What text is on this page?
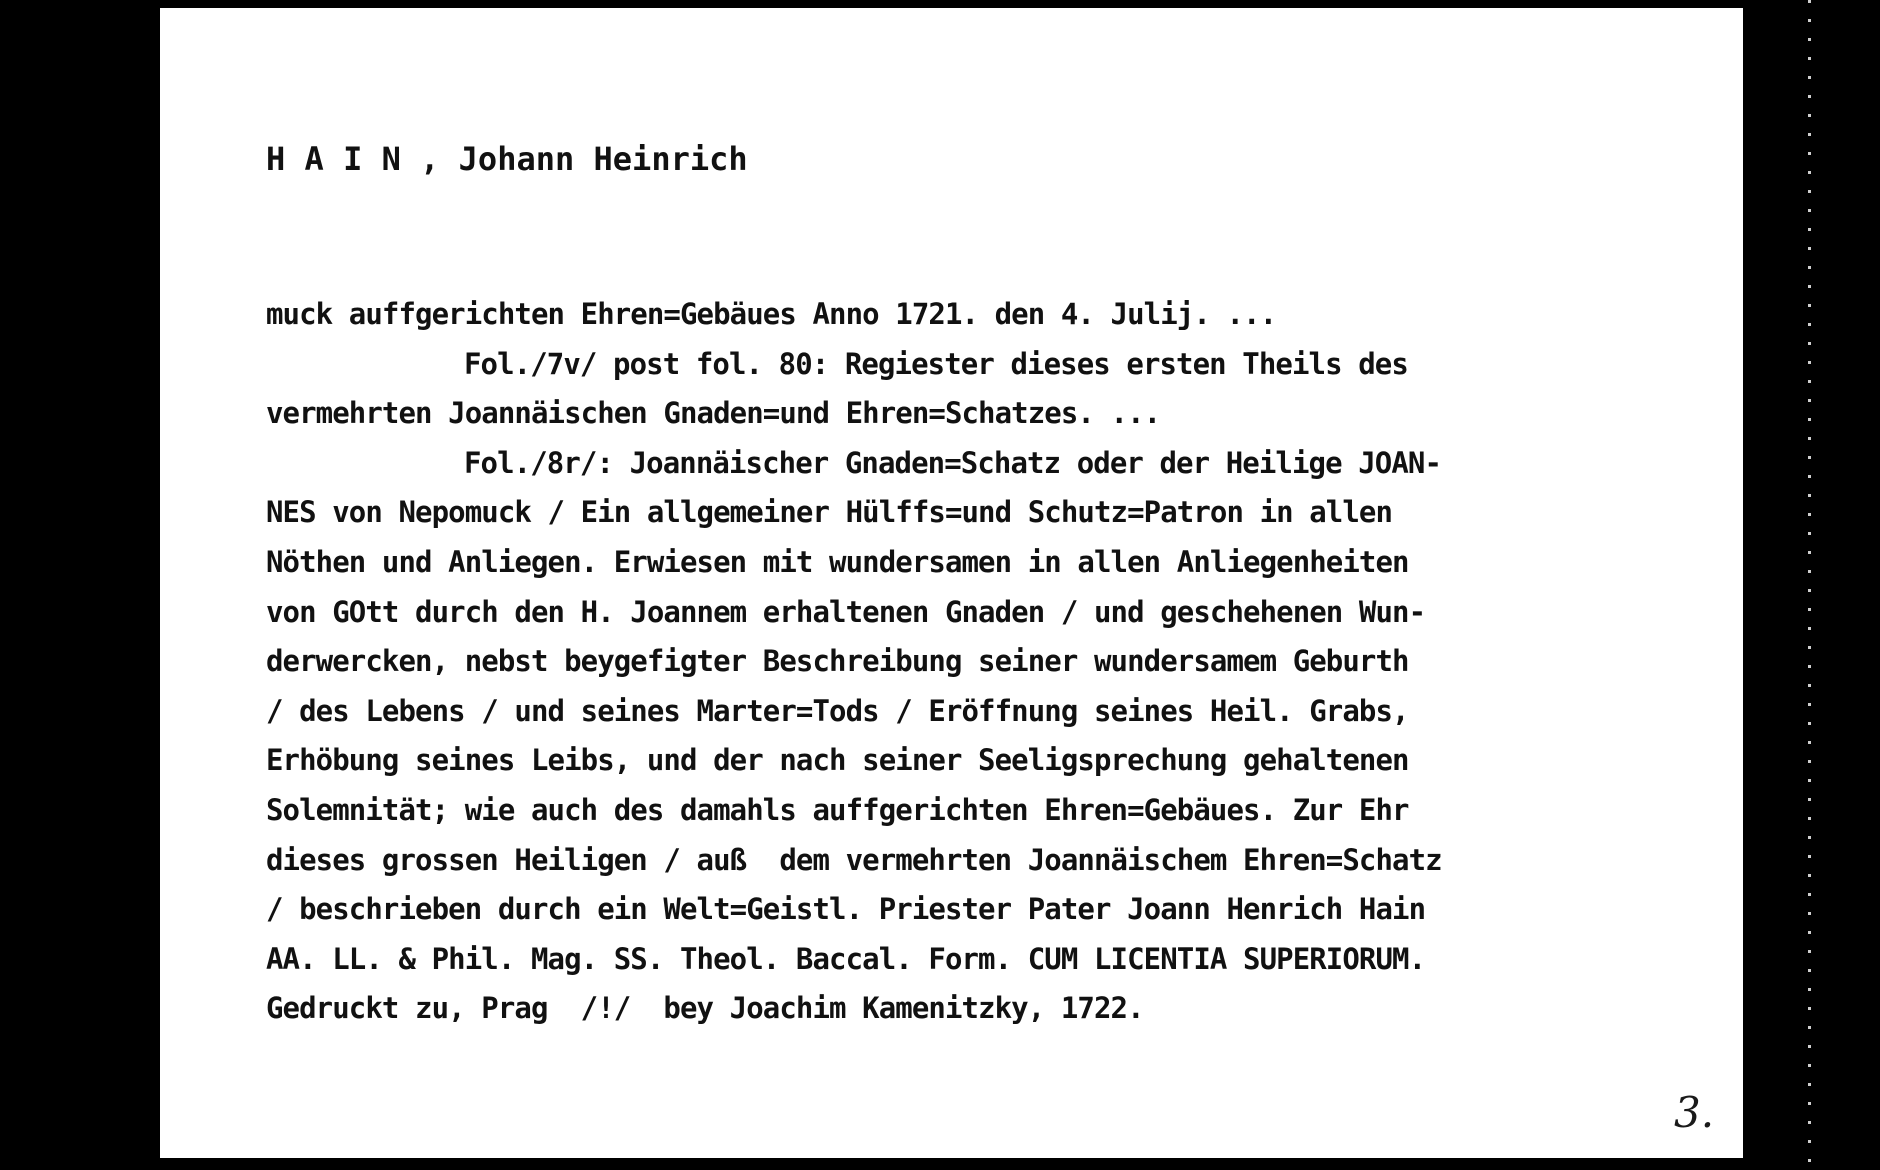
H A I N , Johann Heinrich
muck auffgerichten Ehren=Gebäues Anno 1721. den 4. Julij. ...
Fol./7v/ post fol. 80: Regiester dieses ersten Theils des
vermehrten Joannäischen Gnaden=und Ehren=Schatzes. ...
Fol./8r/: Joannäischer Gnaden=Schatz oder der Heilige JOAN-
NES von Nepomuck / Ein allgemeiner Hülffs=und Schutz=Patron in allen
Nöthen und Anliegen. Erwiesen mit wundersamen in allen Anliegenheiten
von GOtt durch den H. Joannem erhaltenen Gnaden / und geschehenen Wun-
derwercken, nebst beygefigter Beschreibung seiner wundersamem Geburth
/ des Lebens / und seines Marter=Tods / Eröffnung seines Heil. Grabs,
Erhöbung seines Leibs, und der nach seiner Seeligsprechung gehaltenen
Solemnität; wie auch des damahls auffgerichten Ehren=Gebäues. Zur Ehr
dieses grossen Heiligen / auß  dem vermehrten Joannäischem Ehren=Schatz
/ beschrieben durch ein Welt=Geistl. Priester Pater Joann Henrich Hain
AA. LL. & Phil. Mag. SS. Theol. Baccal. Form. CUM LICENTIA SUPERIORUM.
Gedruckt zu, Prag  /!/  bey Joachim Kamenitzky, 1722.
3.
